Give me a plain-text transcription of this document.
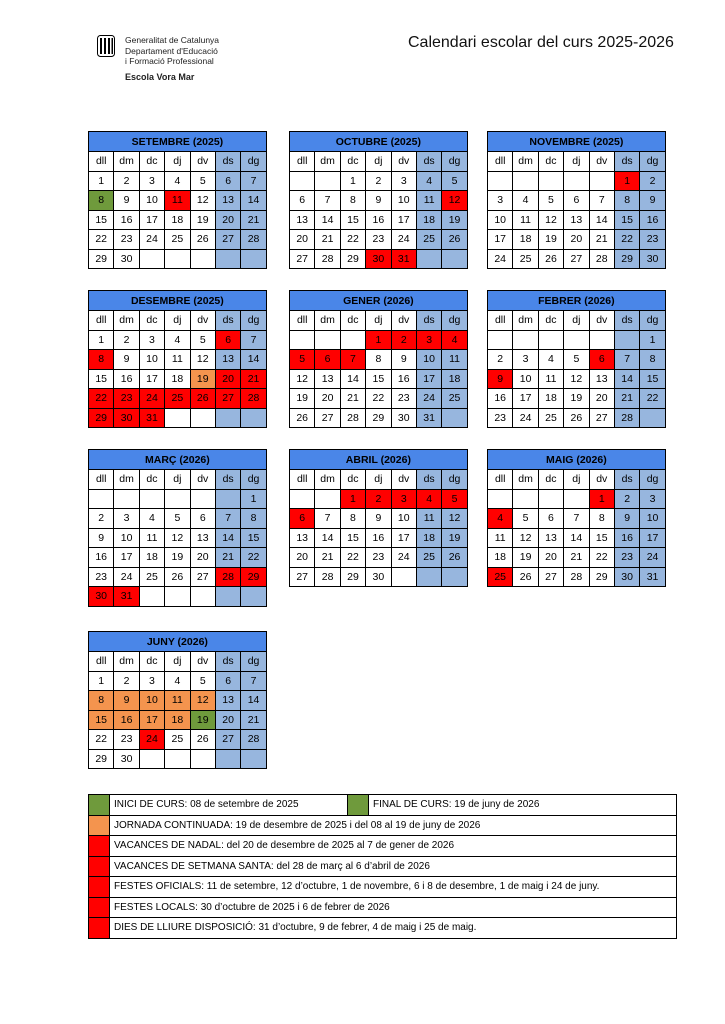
Generalitat de Catalunya
Departament d'Educació
i Formació Professional
Escola Vora Mar
Calendari escolar del curs 2025-2026
SETEMBRE (2025)						
dll	dm	dc	dj	dv	ds	dg
1	2	3	4	5	6	7
8	9	10	11	12	13	14
15	16	17	18	19	20	21
22	23	24	25	26	27	28
29	30					
OCTUBRE (2025)						
dll	dm	dc	dj	dv	ds	dg
		1	2	3	4	5
6	7	8	9	10	11	12
13	14	15	16	17	18	19
20	21	22	23	24	25	26
27	28	29	30	31		
NOVEMBRE (2025)						
dll	dm	dc	dj	dv	ds	dg
					1	2
3	4	5	6	7	8	9
10	11	12	13	14	15	16
17	18	19	20	21	22	23
24	25	26	27	28	29	30
DESEMBRE (2025)						
dll	dm	dc	dj	dv	ds	dg
1	2	3	4	5	6	7
8	9	10	11	12	13	14
15	16	17	18	19	20	21
22	23	24	25	26	27	28
29	30	31				
GENER (2026)						
dll	dm	dc	dj	dv	ds	dg
			1	2	3	4
5	6	7	8	9	10	11
12	13	14	15	16	17	18
19	20	21	22	23	24	25
26	27	28	29	30	31	
FEBRER (2026)						
dll	dm	dc	dj	dv	ds	dg
						1
2	3	4	5	6	7	8
9	10	11	12	13	14	15
16	17	18	19	20	21	22
23	24	25	26	27	28	
MARÇ (2026)						
dll	dm	dc	dj	dv	ds	dg
						1
2	3	4	5	6	7	8
9	10	11	12	13	14	15
16	17	18	19	20	21	22
23	24	25	26	27	28	29
30	31					
ABRIL (2026)						
dll	dm	dc	dj	dv	ds	dg
		1	2	3	4	5
6	7	8	9	10	11	12
13	14	15	16	17	18	19
20	21	22	23	24	25	26
27	28	29	30			
MAIG (2026)						
dll	dm	dc	dj	dv	ds	dg
				1	2	3
4	5	6	7	8	9	10
11	12	13	14	15	16	17
18	19	20	21	22	23	24
25	26	27	28	29	30	31
JUNY (2026)						
dll	dm	dc	dj	dv	ds	dg
1	2	3	4	5	6	7
8	9	10	11	12	13	14
15	16	17	18	19	20	21
22	23	24	25	26	27	28
29	30					
	INICI DE CURS: 08 de setembre de 2025		FINAL DE CURS: 19 de juny de 2026
	JORNADA CONTINUADA: 19 de desembre de 2025 i del 08 al 19 de juny de 2026		
	VACANCES DE NADAL: del 20 de desembre de 2025 al 7 de gener de 2026		
	VACANCES DE SETMANA SANTA: del 28 de març al 6 d’abril de 2026		
	FESTES OFICIALS: 11 de setembre, 12 d’octubre, 1 de novembre, 6 i 8 de desembre, 1 de maig i 24 de juny.		
	FESTES LOCALS: 30 d’octubre de 2025 i 6 de febrer de 2026		
	DIES DE LLIURE DISPOSICIÓ: 31 d’octubre, 9 de febrer, 4 de maig i 25 de maig.		
